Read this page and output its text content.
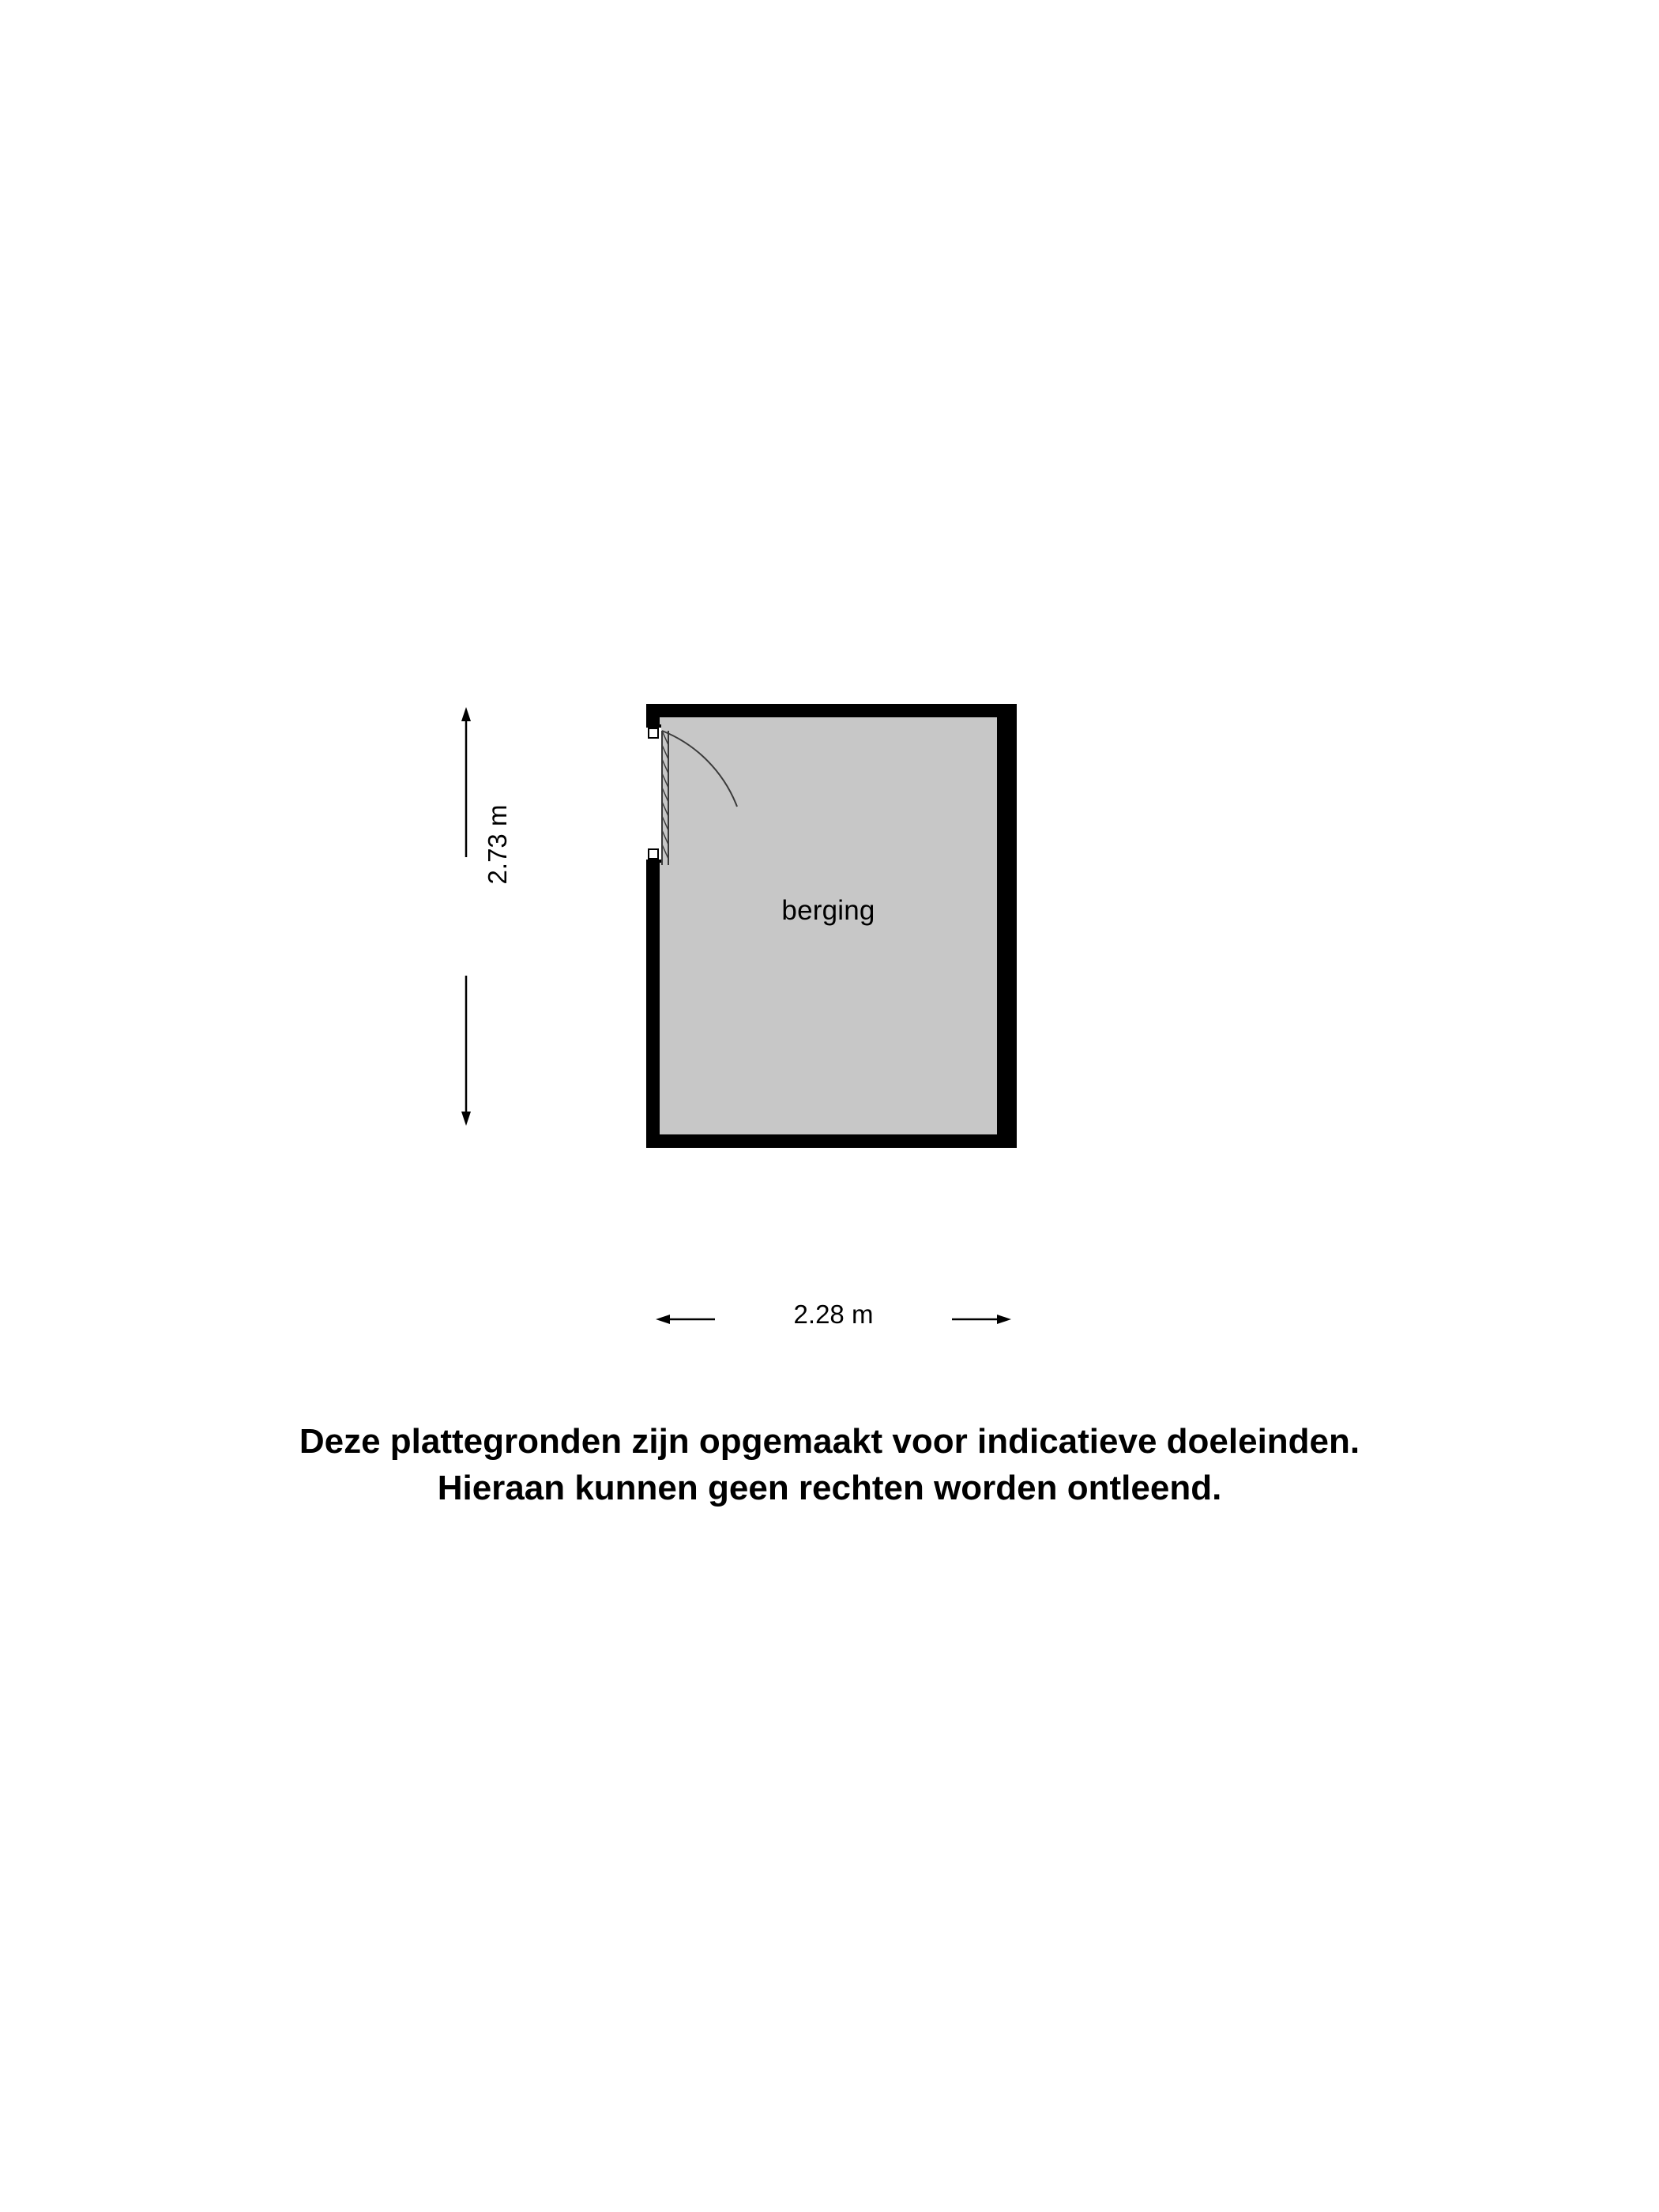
berging
2.73 m
2.28 m
Deze plattegronden zijn opgemaakt voor indicatieve doeleinden.
Hieraan kunnen geen rechten worden ontleend.
